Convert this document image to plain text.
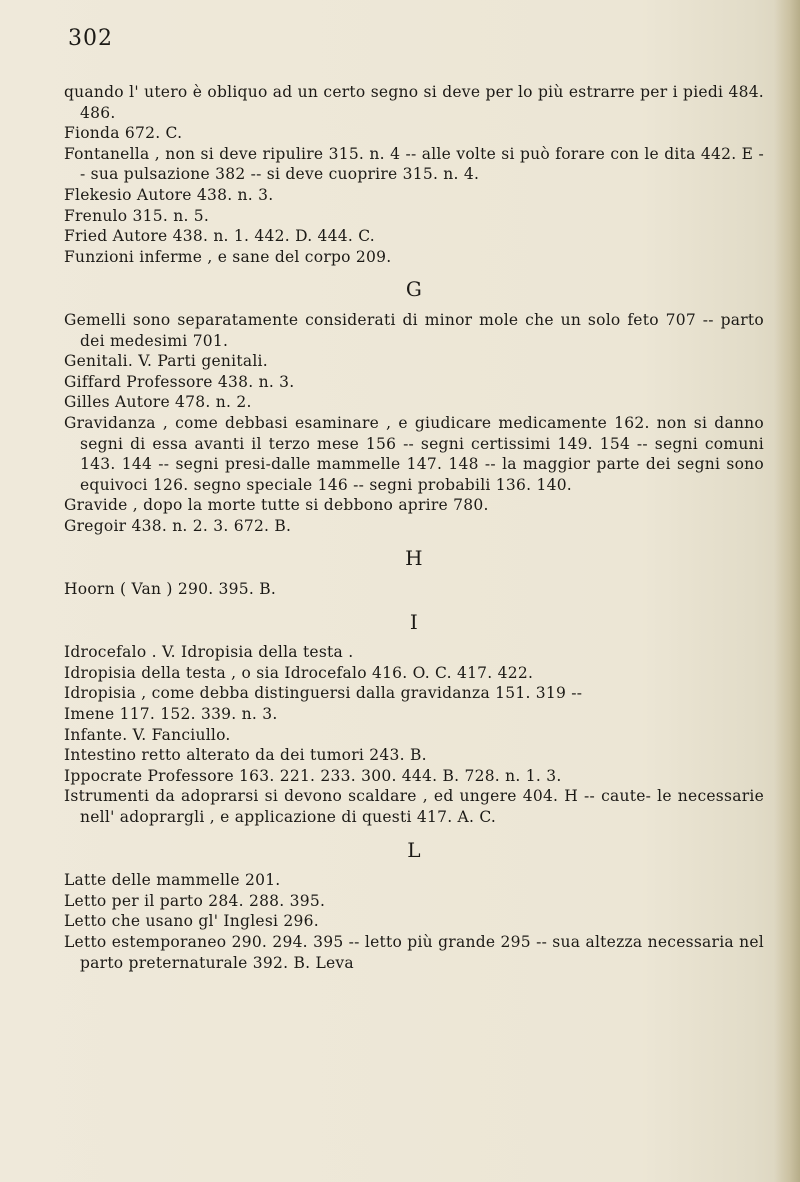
302
quando l' utero è obliquo ad un certo segno si deve per lo più estrarre per i piedi 484. 486.
Fionda 672. C.
Fontanella , non si deve ripulire 315. n. 4 -- alle volte si può forare con le dita 442. E -- sua pulsazione 382 -- si deve cuoprire 315. n. 4.
Flekesio Autore 438. n. 3.
Frenulo 315. n. 5.
Fried Autore 438. n. 1. 442. D. 444. C.
Funzioni inferme , e sane del corpo 209.
G
Gemelli sono separatamente considerati di minor mole che un solo feto 707 -- parto dei medesimi 701.
Genitali. V. Parti genitali.
Giffard Professore 438. n. 3.
Gilles Autore 478. n. 2.
Gravidanza , come debbasi esaminare , e giudicare medicamente 162. non si danno segni di essa avanti il terzo mese 156 -- segni certissimi 149. 154 -- segni comuni 143. 144 -- segni presi-dalle mammelle 147. 148 -- la maggior parte dei segni sono equivoci 126. segno speciale 146 -- segni probabili 136. 140.
Gravide , dopo la morte tutte si debbono aprire 780.
Gregoir 438. n. 2. 3. 672. B.
H
Hoorn ( Van ) 290. 395. B.
I
Idrocefalo . V. Idropisia della testa .
Idropisia della testa , o sia Idrocefalo 416. O. C. 417. 422.
Idropisia , come debba distinguersi dalla gravidanza 151. 319 --
Imene 117. 152. 339. n. 3.
Infante. V. Fanciullo.
Intestino retto alterato da dei tumori 243. B.
Ippocrate Professore 163. 221. 233. 300. 444. B. 728. n. 1. 3.
Istrumenti da adoprarsi si devono scaldare , ed ungere 404. H -- caute- le necessarie nell' adoprargli , e applicazione di questi 417. A. C.
L
Latte delle mammelle 201.
Letto per il parto 284. 288. 395.
Letto che usano gl' Inglesi 296.
Letto estemporaneo 290. 294. 395 -- letto più grande 295 -- sua altezza necessaria nel parto preternaturale 392. B. Leva
